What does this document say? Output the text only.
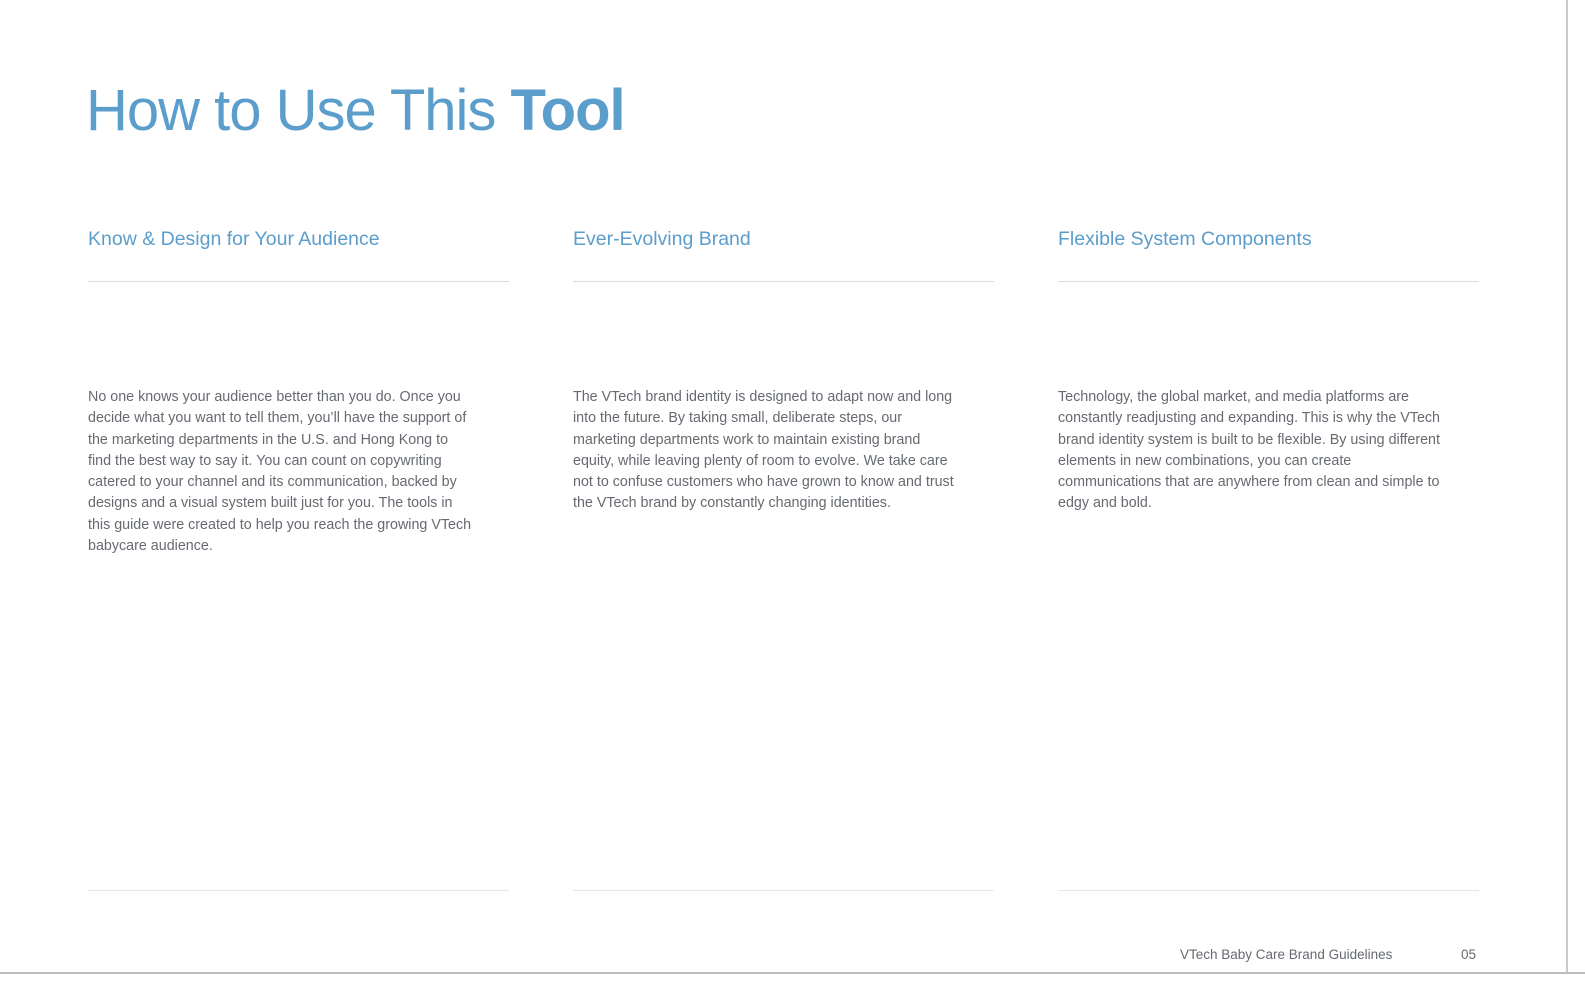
How to Use This Tool
Know & Design for Your Audience

No one knows your audience better than you do. Once you decide what you want to tell them, you’ll have the support of the marketing departments in the U.S. and Hong Kong to find the best way to say it. You can count on copywriting catered to your channel and its communication, backed by designs and a visual system built just for you. The tools in this guide were created to help you reach the growing VTech babycare audience.

Ever-Evolving Brand

The VTech brand identity is designed to adapt now and long into the future. By taking small, deliberate steps, our marketing departments work to maintain existing brand equity, while leaving plenty of room to evolve. We take care not to confuse customers who have grown to know and trust the VTech brand by constantly changing identities.

Flexible System Components

Technology, the global market, and media platforms are constantly readjusting and expanding. This is why the VTech brand identity system is built to be flexible. By using different elements in new combinations, you can create communications that are anywhere from clean and simple to edgy and bold.

VTech Baby Care Brand Guidelines	05
